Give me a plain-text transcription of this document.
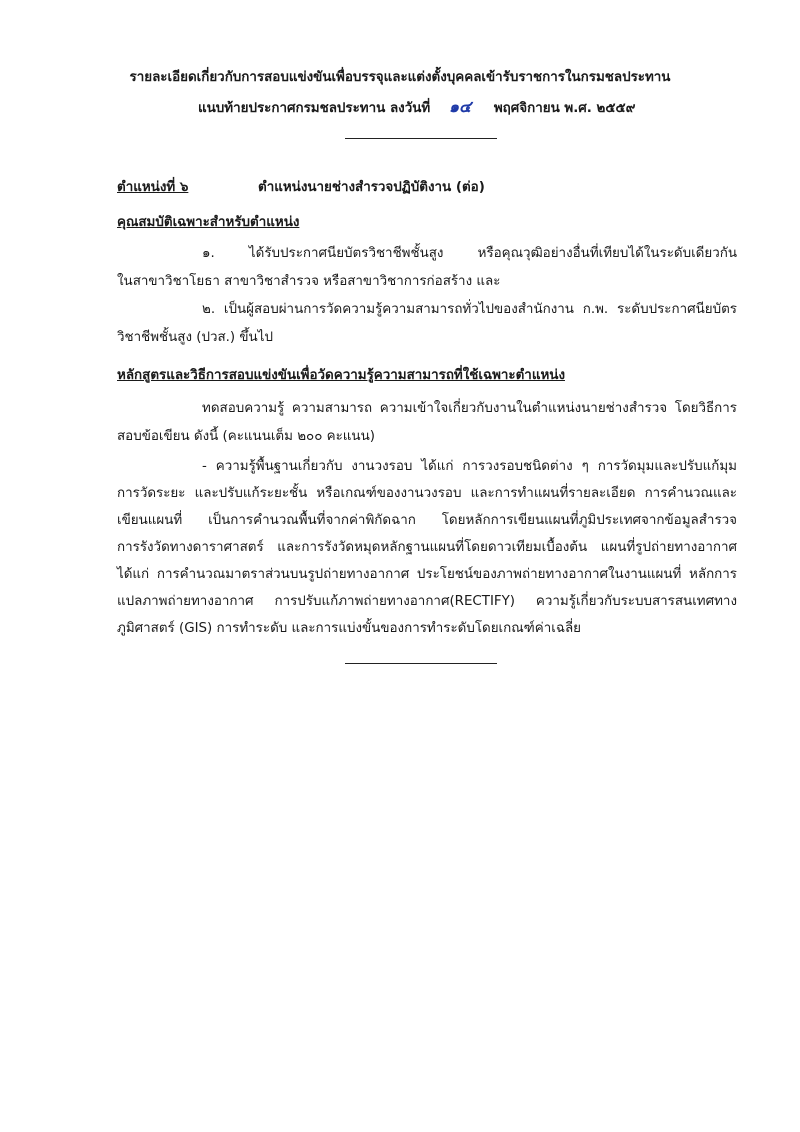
รายละเอียดเกี่ยวกับการสอบแข่งขันเพื่อบรรจุและแต่งตั้งบุคคลเข้ารับราชการในกรมชลประทาน
แนบท้ายประกาศกรมชลประทาน ลงวันที่ ๑๔ พฤศจิกายน พ.ศ. ๒๕๕๙
ตำแหน่งที่ ๖	ตำแหน่งนายช่างสำรวจปฏิบัติงาน (ต่อ)
คุณสมบัติเฉพาะสำหรับตำแหน่ง
๑. ได้รับประกาศนียบัตรวิชาชีพชั้นสูง หรือคุณวุฒิอย่างอื่นที่เทียบได้ในระดับเดียวกัน
ในสาขาวิชาโยธา สาขาวิชาสำรวจ หรือสาขาวิชาการก่อสร้าง และ
๒. เป็นผู้สอบผ่านการวัดความรู้ความสามารถทั่วไปของสำนักงาน ก.พ. ระดับประกาศนียบัตร
วิชาชีพชั้นสูง (ปวส.) ขึ้นไป
หลักสูตรและวิธีการสอบแข่งขันเพื่อวัดความรู้ความสามารถที่ใช้เฉพาะตำแหน่ง
ทดสอบความรู้ ความสามารถ ความเข้าใจเกี่ยวกับงานในตำแหน่งนายช่างสำรวจ โดยวิธีการ
สอบข้อเขียน ดังนี้ (คะแนนเต็ม ๒๐๐ คะแนน)
- ความรู้พื้นฐานเกี่ยวกับ งานวงรอบ ได้แก่ การวงรอบชนิดต่าง ๆ การวัดมุมและปรับแก้มุม
การวัดระยะ และปรับแก้ระยะชั้น หรือเกณฑ์ของงานวงรอบ และการทำแผนที่รายละเอียด การคำนวณและ
เขียนแผนที่ เป็นการคำนวณพื้นที่จากค่าพิกัดฉาก โดยหลักการเขียนแผนที่ภูมิประเทศจากข้อมูลสำรวจ
การรังวัดทางดาราศาสตร์ และการรังวัดหมุดหลักฐานแผนที่โดยดาวเทียมเบื้องต้น แผนที่รูปถ่ายทางอากาศ
ได้แก่ การคำนวณมาตราส่วนบนรูปถ่ายทางอากาศ ประโยชน์ของภาพถ่ายทางอากาศในงานแผนที่ หลักการ
แปลภาพถ่ายทางอากาศ การปรับแก้ภาพถ่ายทางอากาศ(RECTIFY) ความรู้เกี่ยวกับระบบสารสนเทศทาง
ภูมิศาสตร์ (GIS) การทำระดับ และการแบ่งขั้นของการทำระดับโดยเกณฑ์ค่าเฉลี่ย
